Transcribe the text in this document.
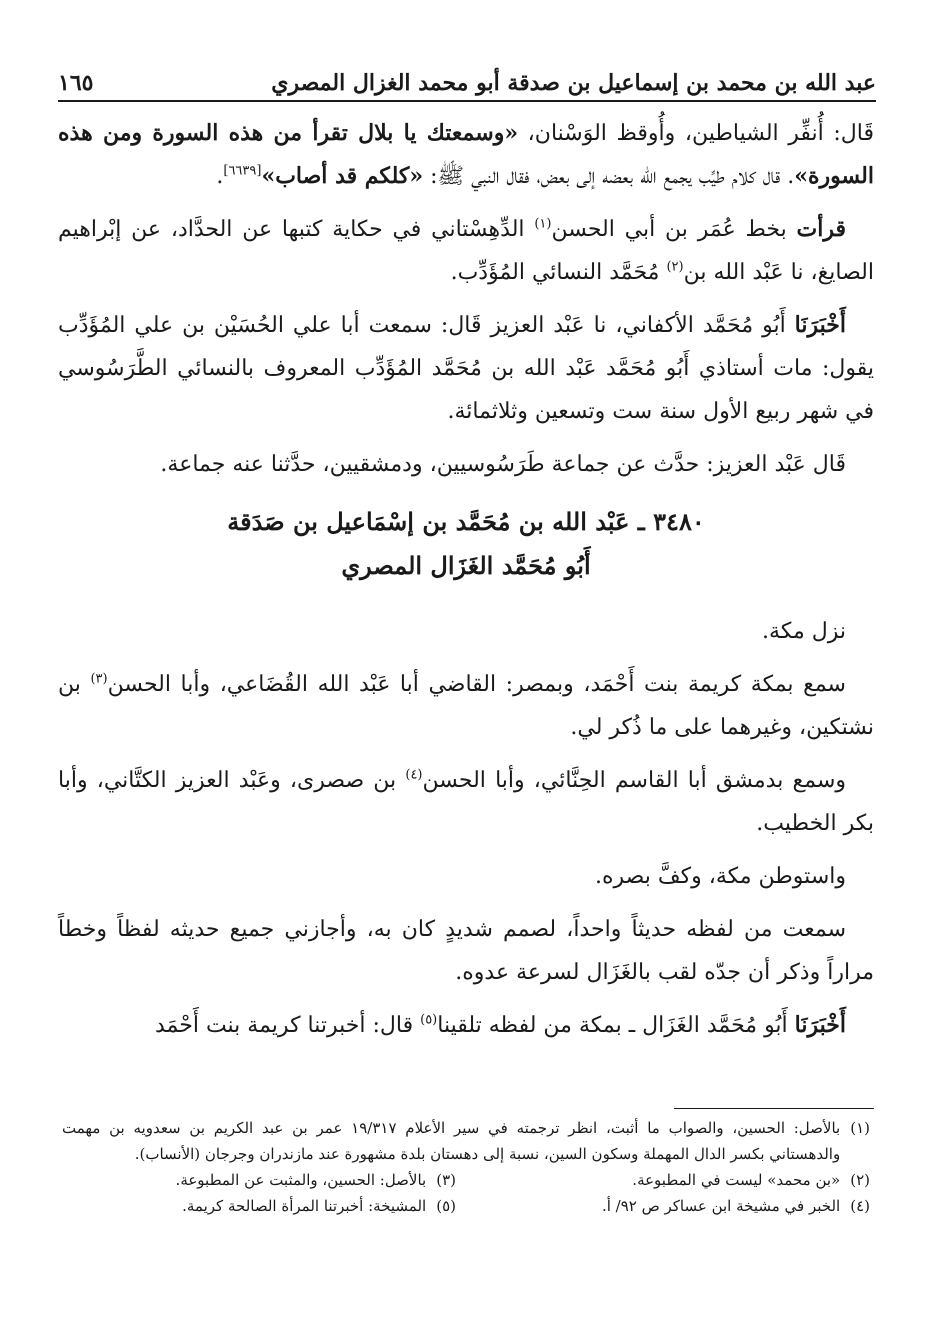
عبد الله بن محمد بن إسماعيل بن صدقة أبو محمد الغزال المصري
١٦٥

قَال: أُنفِّر الشياطين، وأُوقظ الوَسْنان، «وسمعتك يا بلال تقرأ من هذه السورة ومن هذه السورة». قال كلام طيِّب يجمع الله بعضه إلى بعض، فقال النبي ﷺ: «كلكم قد أصاب»[٦٦٣٩].

قرأت بخط عُمَر بن أبي الحسن$^{(١)}$ الدِّهِسْتاني في حكاية كتبها عن الحدَّاد، عن إبْراهيم الصايغ، نا عَبْد الله بن$^{(٢)}$ مُحَمَّد النسائي المُؤَدِّب.

أَخْبَرَنَا أَبُو مُحَمَّد الأكفاني، نا عَبْد العزيز قَال: سمعت أبا علي الحُسَيْن بن علي المُؤَدِّب يقول: مات أستاذي أَبُو مُحَمَّد عَبْد الله بن مُحَمَّد المُؤَدِّب المعروف بالنسائي الطَّرَسُوسي في شهر ربيع الأول سنة ست وتسعين وثلاثمائة.

قَال عَبْد العزيز: حدَّث عن جماعة طَرَسُوسيين، ودمشقيين، حدَّثنا عنه جماعة.

٣٤٨٠ ـ عَبْد الله بن مُحَمَّد بن إسْمَاعيل بن صَدَقة
أَبُو مُحَمَّد الغَزَال المصري

نزل مكة.

سمع بمكة كريمة بنت أَحْمَد، وبمصر: القاضي أبا عَبْد الله القُضَاعي، وأبا الحسن$^{(٣)}$ بن نشتكين، وغيرهما على ما ذُكر لي.

وسمع بدمشق أبا القاسم الحِنَّائي، وأبا الحسن$^{(٤)}$ بن صصرى، وعَبْد العزيز الكتَّاني، وأبا بكر الخطيب.

واستوطن مكة، وكفَّ بصره.

سمعت من لفظه حديثاً واحداً، لصمم شديدٍ كان به، وأجازني جميع حديثه لفظاً وخطاً مراراً وذكر أن جدّه لقب بالغَزَال لسرعة عدوه.

أَخْبَرَنَا أَبُو مُحَمَّد الغَزَال ـ بمكة من لفظه تلقينا$^{(٥)}$ قال: أخبرتنا كريمة بنت أَحْمَد

(١)
بالأصل: الحسين، والصواب ما أثبت، انظر ترجمته في سير الأعلام ١٩/٣١٧ عمر بن عبد الكريم بن سعدويه بن مهمت والدهستاني بكسر الدال المهملة وسكون السين، نسبة إلى دهستان بلدة مشهورة عند مازندران وجرجان (الأنساب).
(٢)
«بن محمد» ليست في المطبوعة.
(٣)
بالأصل: الحسين، والمثبت عن المطبوعة.
(٤)
الخبر في مشيخة ابن عساكر ص ٩٢/ أ.
(٥)
المشيخة: أخبرتنا المرأة الصالحة كريمة.
